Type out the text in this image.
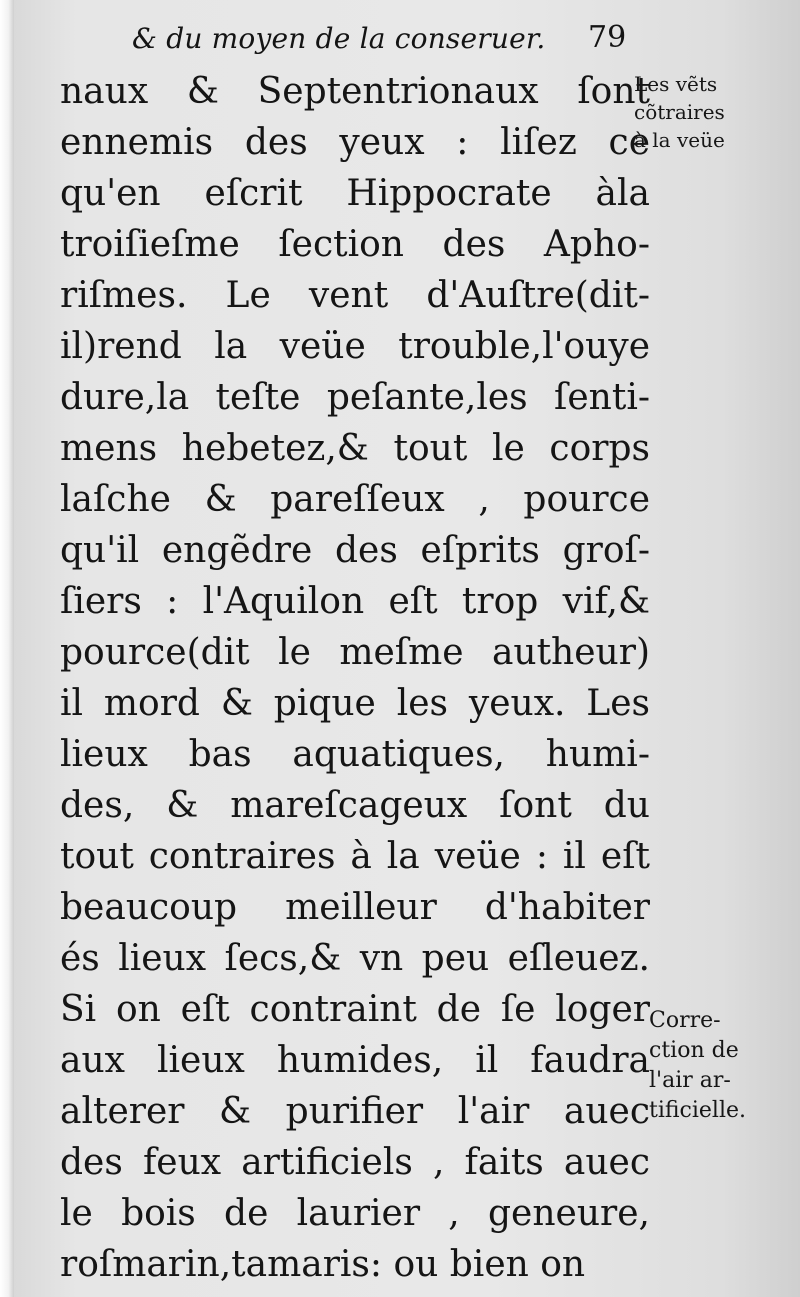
& du moyen de la conseruer. 79
naux & Septentrionaux ſont
ennemis des yeux : liſez ce
qu'en eſcrit Hippocrate àla
troiſieſme ſection des Apho-
riſmes. Le vent d'Auſtre(dit-
il)rend la veüe trouble,l'ouye
dure,la teſte peſante,les ſenti-
mens hebetez,& tout le corps
laſche & pareſſeux , pource
qu'il engẽdre des eſprits groſ-
ſiers : l'Aquilon eſt trop vif,&
pource(dit le meſme autheur)
il mord & pique les yeux. Les
lieux bas aquatiques, humi-
des, & mareſcageux ſont du
tout contraires à la veüe : il eſt
beaucoup meilleur d'habiter
és lieux ſecs,& vn peu eſleuez.
Si on eſt contraint de ſe loger
aux lieux humides, il faudra
alterer & purifier l'air auec
des feux artificiels , faits auec
le bois de laurier , geneure,
roſmarin,tamaris: ou bien on
Les vẽts
cõtraires
à la veüe
Corre-
ction de
l'air ar-
tificielle.
